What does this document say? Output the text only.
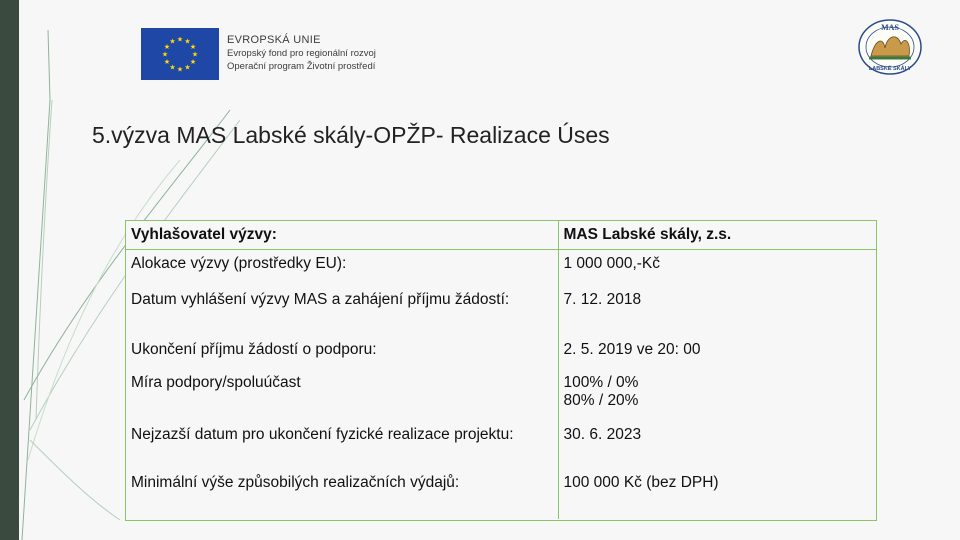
★ ★
★
★
★
★
★
★
★
★
★
★	EVROPSKÁ UNIE
Evropský fond pro regionální rozvoj
Operační program Životní prostředí
MAS
LABSKÉ SKÁLY
5.výzva MAS Labské skály-OPŽP- Realizace Úses
Vyhlašovatel výzvy:	MAS Labské skály, z.s.
Alokace výzvy (prostředky EU):	1 000 000,-Kč
Datum vyhlášení výzvy MAS a zahájení příjmu žádostí:	7. 12. 2018
Ukončení příjmu žádostí o podporu:	2. 5. 2019 ve 20: 00
Míra podpory/spoluúčast	100% / 0%
80% / 20%

Nejzazší datum pro ukončení fyzické realizace projektu:	30. 6. 2023
Minimální výše způsobilých realizačních výdajů:	100 000 Kč (bez DPH)
